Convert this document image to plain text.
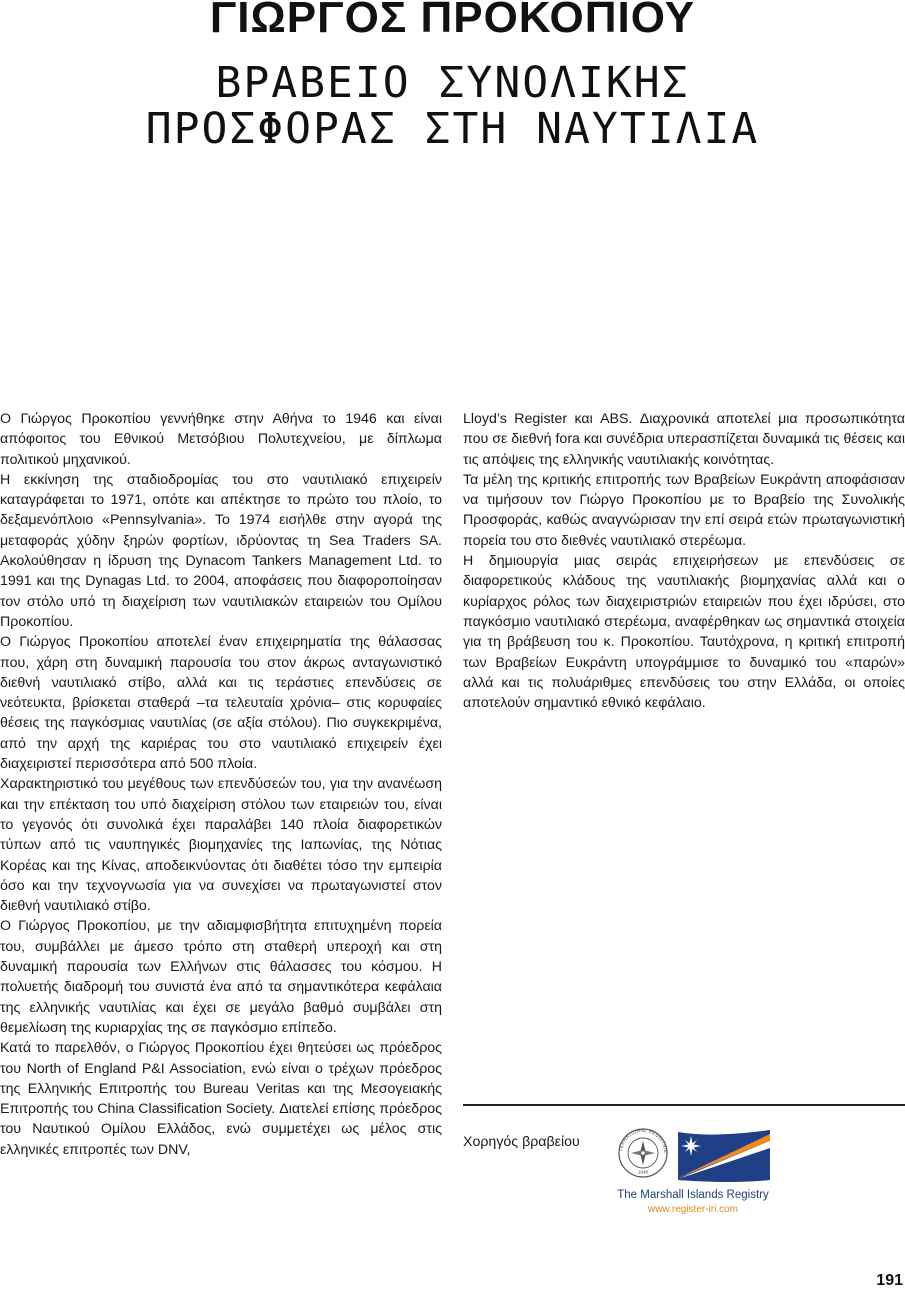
ΓΙΩΡΓΟΣ ΠΡΟΚΟΠΙΟΥ
ΒΡΑΒΕΙΟ ΣΥΝΟΛΙΚΗΣ
ΠΡΟΣΦΟΡΑΣ ΣΤΗ ΝΑΥΤΙΛΙΑ

Ο Γιώργος Προκοπίου γεννήθηκε στην Αθήνα το 1946 και είναι απόφοιτος του Εθνικού Μετσόβιου Πολυτεχνείου, με δίπλωμα πολιτικού μηχανικού.

Η εκκίνηση της σταδιοδρομίας του στο ναυτιλιακό επιχειρείν καταγράφεται το 1971, οπότε και απέκτησε το πρώτο του πλοίο, το δεξαμενόπλοιο «Pennsylvania». Το 1974 εισήλθε στην αγορά της μεταφοράς χύδην ξηρών φορτίων, ιδρύοντας τη Sea Traders SA. Ακολούθησαν η ίδρυση της Dynacom Tankers Management Ltd. το 1991 και της Dynagas Ltd. το 2004, αποφάσεις που διαφοροποίησαν τον στόλο υπό τη διαχείριση των ναυτιλιακών εταιρειών του Ομίλου Προκοπίου.

Ο Γιώργος Προκοπίου αποτελεί έναν επιχειρηματία της θάλασσας που, χάρη στη δυναμική παρουσία του στον άκρως ανταγωνιστικό διεθνή ναυτιλιακό στίβο, αλλά και τις τεράστιες επενδύσεις σε νεότευκτα, βρίσκεται σταθερά –τα τελευταία χρόνια– στις κορυφαίες θέσεις της παγκόσμιας ναυτιλίας (σε αξία στόλου). Πιο συγκεκριμένα, από την αρχή της καριέρας του στο ναυτιλιακό επιχειρείν έχει διαχειριστεί περισσότερα από 500 πλοία.

Χαρακτηριστικό του μεγέθους των επενδύσεών του, για την ανανέωση και την επέκταση του υπό διαχείριση στόλου των εταιρειών του, είναι το γεγονός ότι συνολικά έχει παραλάβει 140 πλοία διαφορετικών τύπων από τις ναυπηγικές βιομηχανίες της Ιαπωνίας, της Νότιας Κορέας και της Κίνας, αποδεικνύοντας ότι διαθέτει τόσο την εμπειρία όσο και την τεχνογνωσία για να συνεχίσει να πρωταγωνιστεί στον διεθνή ναυτιλιακό στίβο.

Ο Γιώργος Προκοπίου, με την αδιαμφισβήτητα επιτυχημένη πορεία του, συμβάλλει με άμεσο τρόπο στη σταθερή υπεροχή και στη δυναμική παρουσία των Ελλήνων στις θάλασσες του κόσμου. Η πολυετής διαδρομή του συνιστά ένα από τα σημαντικότερα κεφάλαια της ελληνικής ναυτιλίας και έχει σε μεγάλο βαθμό συμβάλει στη θεμελίωση της κυριαρχίας της σε παγκόσμιο επίπεδο.

Κατά το παρελθόν, ο Γιώργος Προκοπίου έχει θητεύσει ως πρόεδρος του North of England P&I Association, ενώ είναι ο τρέχων πρόεδρος της Ελληνικής Επιτροπής του Bureau Veritas και της Μεσογειακής Επιτροπής του China Classification Society. Διατελεί επίσης πρόεδρος του Ναυτικού Ομίλου Ελλάδος, ενώ συμμετέχει ως μέλος στις ελληνικές επιτροπές των DNV,

Lloyd’s Register και ABS. Διαχρονικά αποτελεί μια προσωπικότητα που σε διεθνή fora και συνέδρια υπερασπίζεται δυναμικά τις θέσεις και τις απόψεις της ελληνικής ναυτιλιακής κοινότητας.

Τα μέλη της κριτικής επιτροπής των Βραβείων Ευκράντη αποφάσισαν να τιμήσουν τον Γιώργο Προκοπίου με το Βραβείο της Συνολικής Προσφοράς, καθώς αναγνώρισαν την επί σειρά ετών πρωταγωνιστική πορεία του στο διεθνές ναυτιλιακό στερέωμα.

Η δημιουργία μιας σειράς επιχειρήσεων με επενδύσεις σε διαφορετικούς κλάδους της ναυτιλιακής βιομηχανίας αλλά και ο κυρίαρχος ρόλος των διαχειριστριών εταιρειών που έχει ιδρύσει, στο παγκόσμιο ναυτιλιακό στερέωμα, αναφέρθηκαν ως σημαντικά στοιχεία για τη βράβευση του κ. Προκοπίου. Ταυτόχρονα, η κριτική επιτροπή των Βραβείων Ευκράντη υπογράμμισε το δυναμικό του «παρών» αλλά και τις πολυάριθμες επενδύσεις του στην Ελλάδα, οι οποίες αποτελούν σημαντικό εθνικό κεφάλαιο.

Χορηγός βραβείου	TERNATIONAL REGISTRIE
1948
The Marshall Islands Registry
www.register-iri.com
191
